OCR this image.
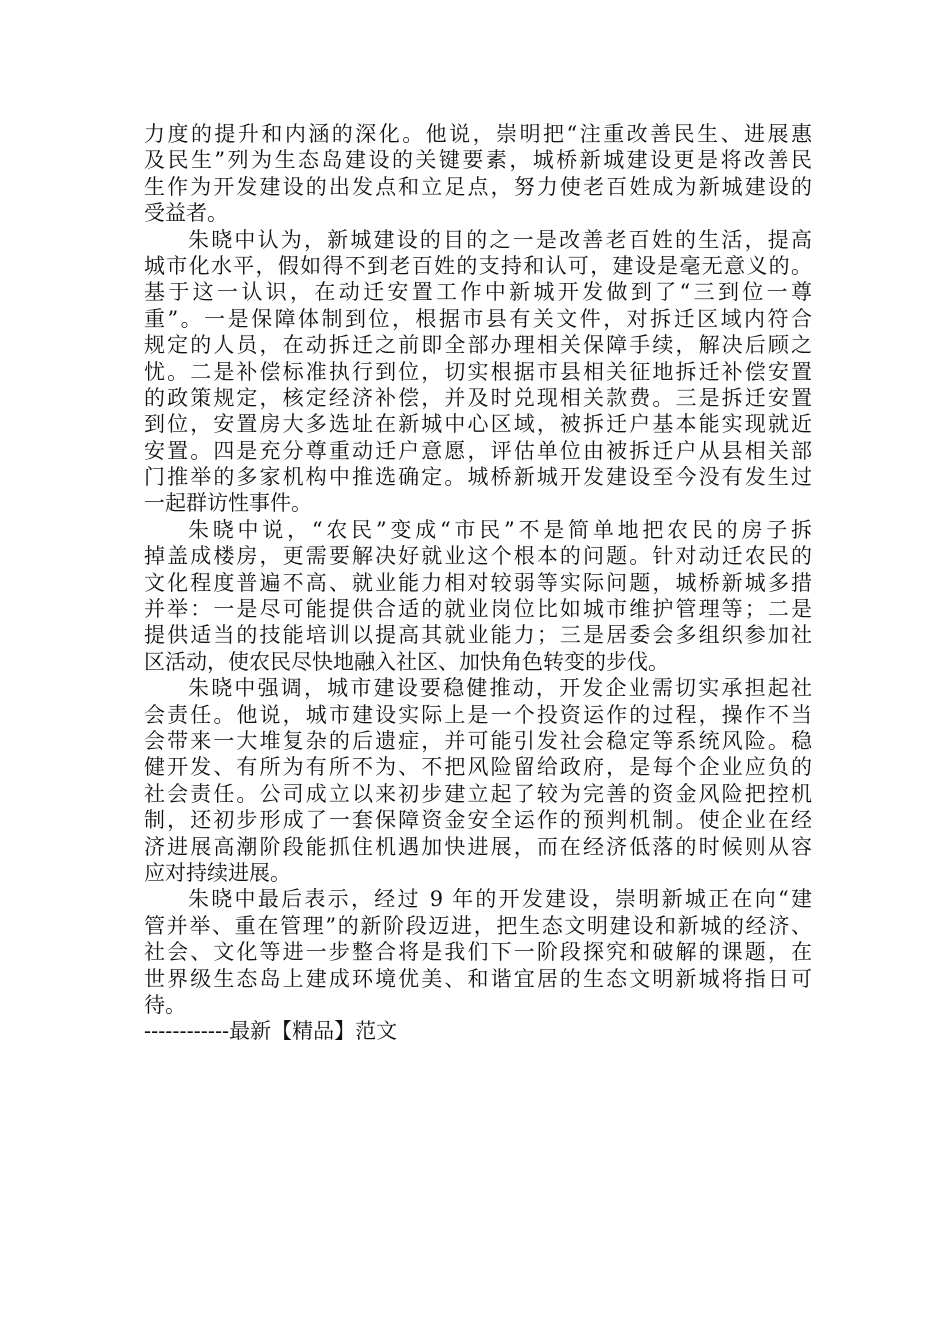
力度的提升和内涵的深化。他说，崇明把“注重改善民生、进展惠
及民生”列为生态岛建设的关键要素，城桥新城建设更是将改善民
生作为开发建设的出发点和立足点，努力使老百姓成为新城建设的
受益者。
朱晓中认为，新城建设的目的之一是改善老百姓的生活，提高
城市化水平，假如得不到老百姓的支持和认可，建设是毫无意义的。
基于这一认识，在动迁安置工作中新城开发做到了“三到位一尊
重”。一是保障体制到位，根据市县有关文件，对拆迁区域内符合
规定的人员，在动拆迁之前即全部办理相关保障手续，解决后顾之
忧。二是补偿标准执行到位，切实根据市县相关征地拆迁补偿安置
的政策规定，核定经济补偿，并及时兑现相关款费。三是拆迁安置
到位，安置房大多选址在新城中心区域，被拆迁户基本能实现就近
安置。四是充分尊重动迁户意愿，评估单位由被拆迁户从县相关部
门推举的多家机构中推选确定。城桥新城开发建设至今没有发生过
一起群访性事件。
朱晓中说，“农民”变成“市民”不是简单地把农民的房子拆
掉盖成楼房，更需要解决好就业这个根本的问题。针对动迁农民的
文化程度普遍不高、就业能力相对较弱等实际问题，城桥新城多措
并举：一是尽可能提供合适的就业岗位比如城市维护管理等；二是
提供适当的技能培训以提高其就业能力；三是居委会多组织参加社
区活动，使农民尽快地融入社区、加快角色转变的步伐。
朱晓中强调，城市建设要稳健推动，开发企业需切实承担起社
会责任。他说，城市建设实际上是一个投资运作的过程，操作不当
会带来一大堆复杂的后遗症，并可能引发社会稳定等系统风险。稳
健开发、有所为有所不为、不把风险留给政府，是每个企业应负的
社会责任。公司成立以来初步建立起了较为完善的资金风险把控机
制，还初步形成了一套保障资金安全运作的预判机制。使企业在经
济进展高潮阶段能抓住机遇加快进展，而在经济低落的时候则从容
应对持续进展。
朱晓中最后表示，经过 9 年的开发建设，崇明新城正在向“建
管并举、重在管理”的新阶段迈进，把生态文明建设和新城的经济、
社会、文化等进一步整合将是我们下一阶段探究和破解的课题，在
世界级生态岛上建成环境优美、和谐宜居的生态文明新城将指日可
待。
------------最新【精品】范文
